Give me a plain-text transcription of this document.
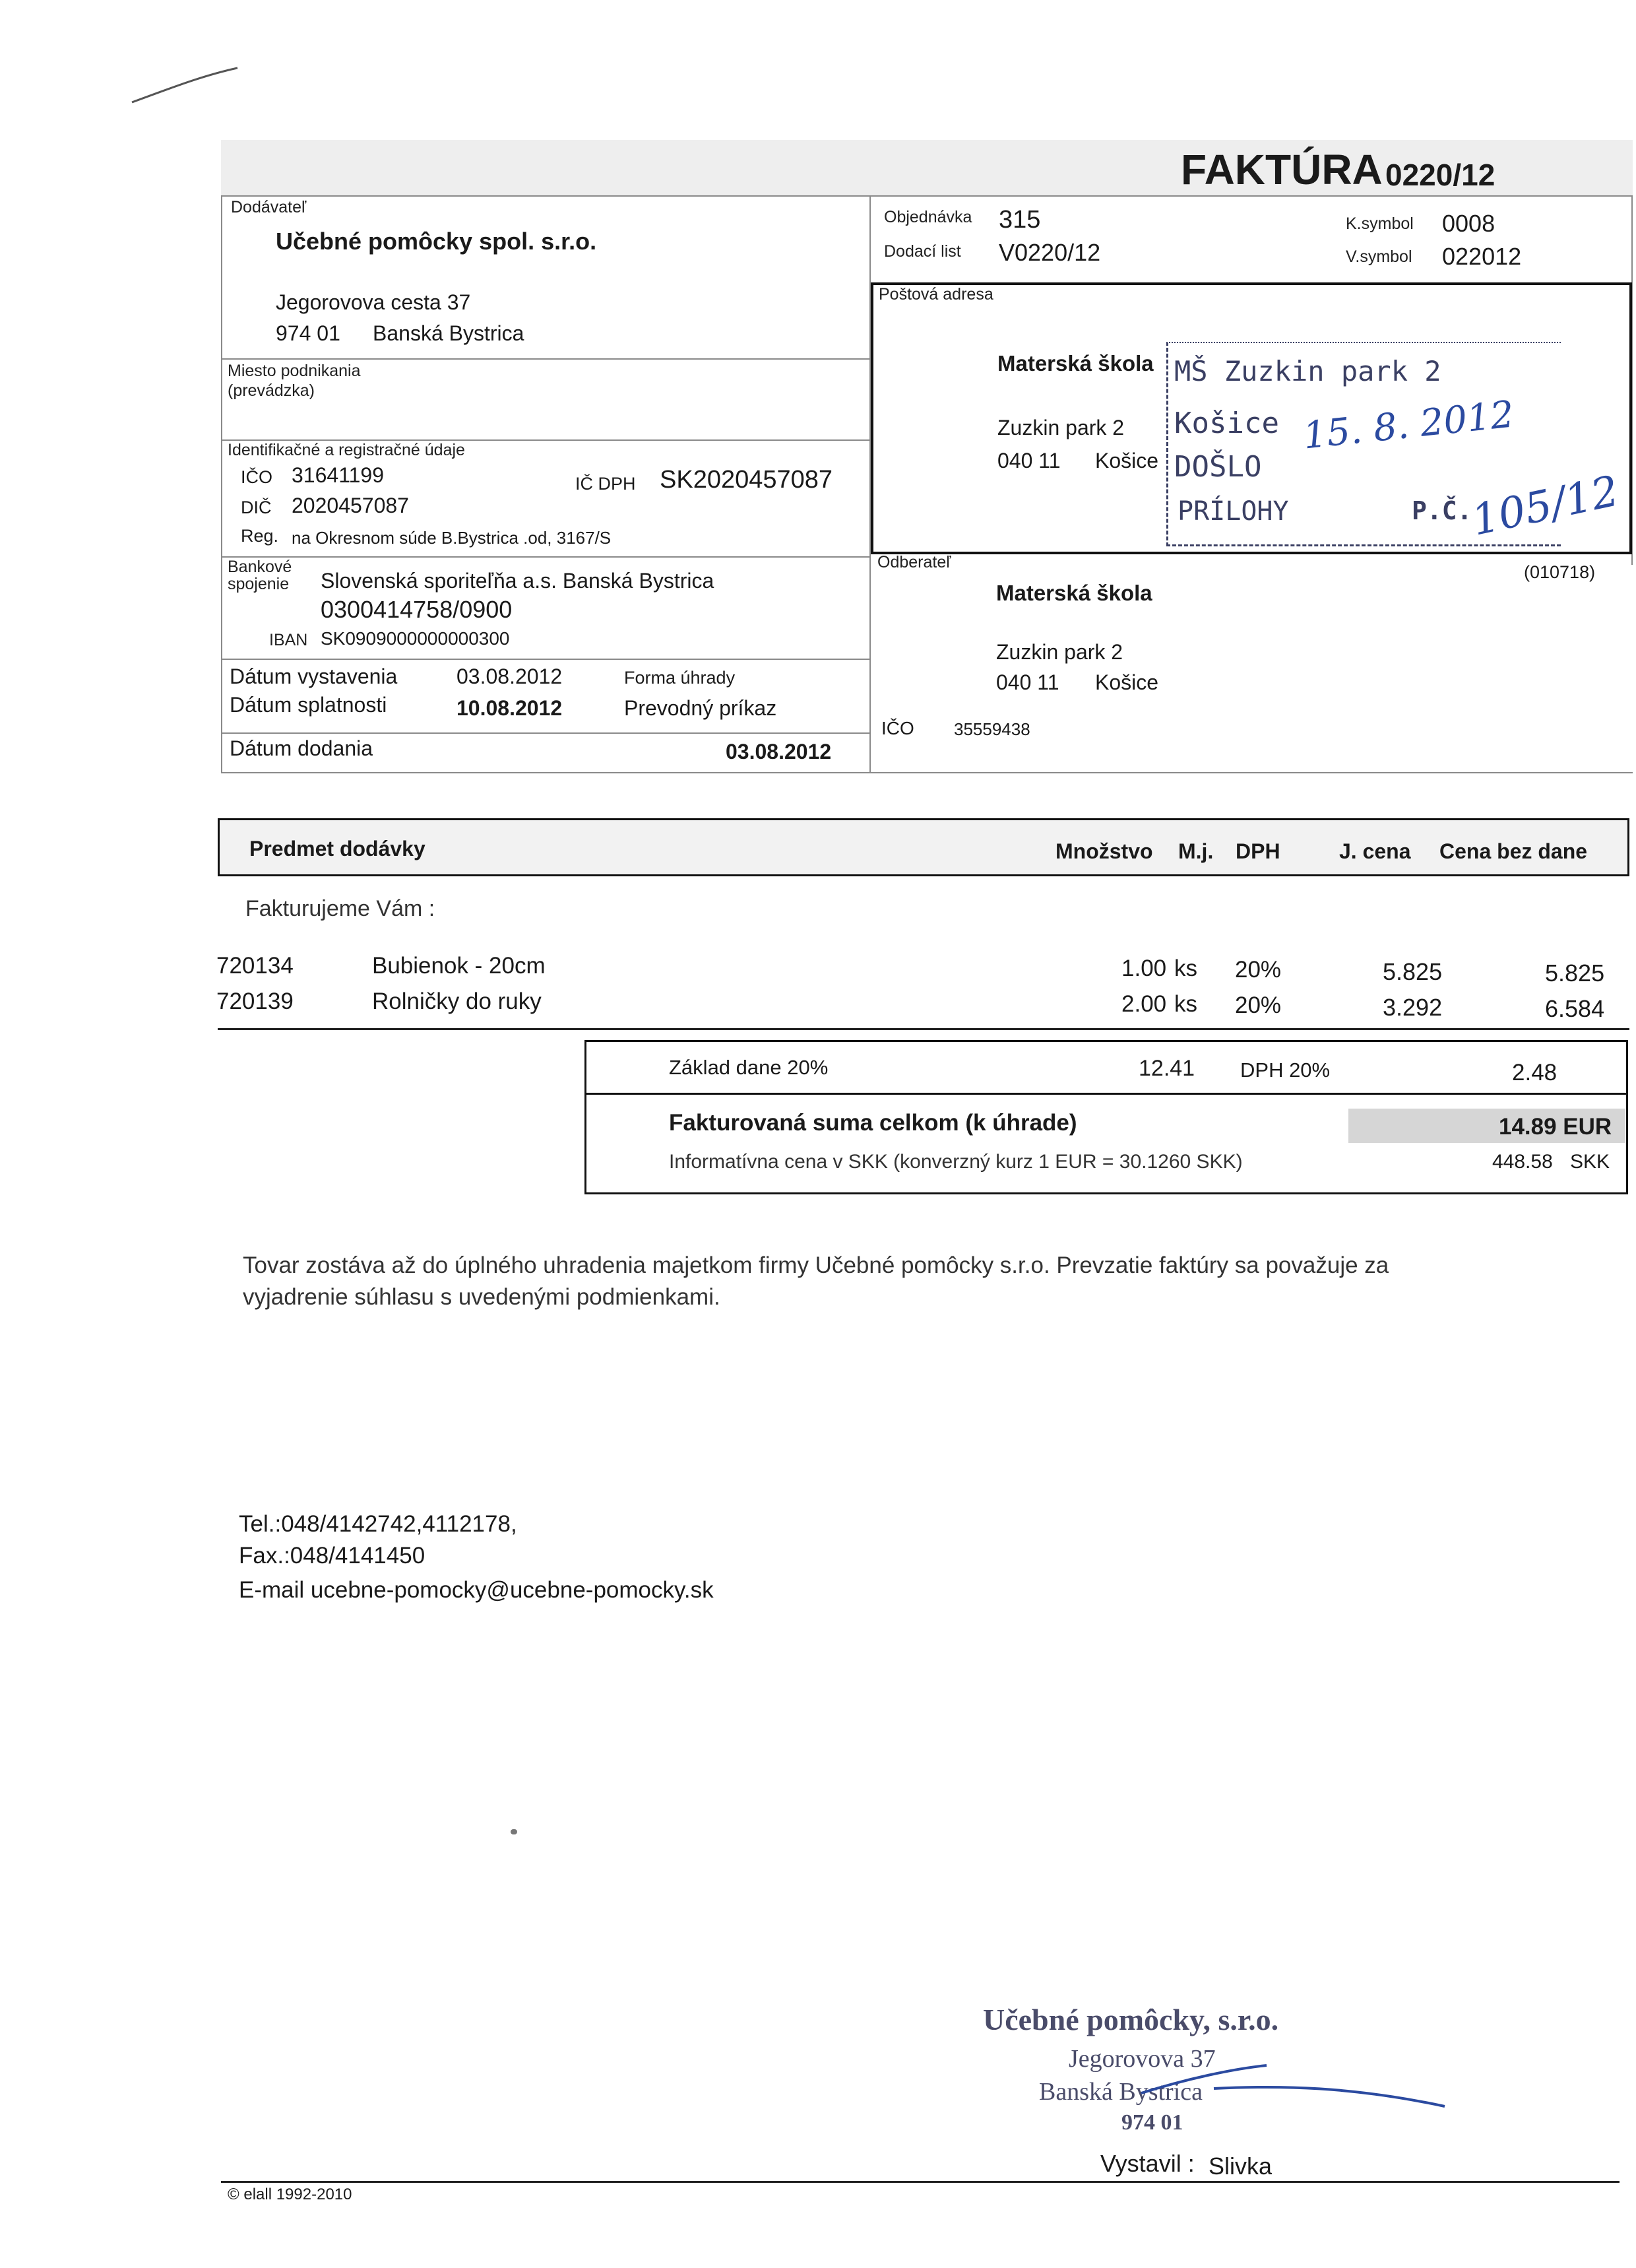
FAKTÚRA 0220/12
Dodávateľ
Učebné pomôcky spol. s.r.o.
Jegorovova cesta 37
974 01 Banská Bystrica
Miesto podnikania
(prevádzka)
Identifikačné a registračné údaje
IČO 31641199	IČ DPH SK2020457087
DIČ 2020457087
Reg. na Okresnom súde B.Bystrica .od, 3167/S
Bankové
spojenie Slovenská sporiteľňa a.s. Banská Bystrica
0300414758/0900
IBAN SK0909000000000300
Dátum vystavenia	03.08.2012	Forma úhrady
Dátum splatnosti	10.08.2012	Prevodný príkaz
Dátum dodania	03.08.2012
Objednávka 315
Dodací list V0220/12
K.symbol 0008
V.symbol 022012
Poštová adresa
Materská škola
Zuzkin park 2
040 11 Košice
MŠ Zuzkin park 2
Košice 15. 8. 2012
DOŠLO
PRÍLOHY	P.Č.
105/12
Odberateľ	(010718)
Materská škola
Zuzkin park 2
040 11 Košice
IČO 35559438
Predmet dodávky	Množstvo M.j. DPH	J. cena Cena bez dane
Fakturujeme Vám :
720134	Bubienok - 20cm	1.00 ks 20%	5.825	5.825
720139	Rolničky do ruky	2.00 ks 20%	3.292	6.584
Základ dane 20%	12.41 DPH 20%	2.48
Fakturovaná suma celkom (k úhrade)	14.89 EUR
Informatívna cena v SKK (konverzný kurz 1 EUR = 30.1260 SKK)	448.58 SKK
Tovar zostáva až do úplného uhradenia majetkom firmy Učebné pomôcky s.r.o. Prevzatie faktúry sa považuje za
vyjadrenie súhlasu s uvedenými podmienkami.
Tel.:048/4142742,4112178,
Fax.:048/4141450
E-mail ucebne-pomocky@ucebne-pomocky.sk
Učebné pomôcky, s.r.o.
Jegorovova 37
Banská Bystrica
974 01
Vystavil : Slivka
© elall 1992-2010
